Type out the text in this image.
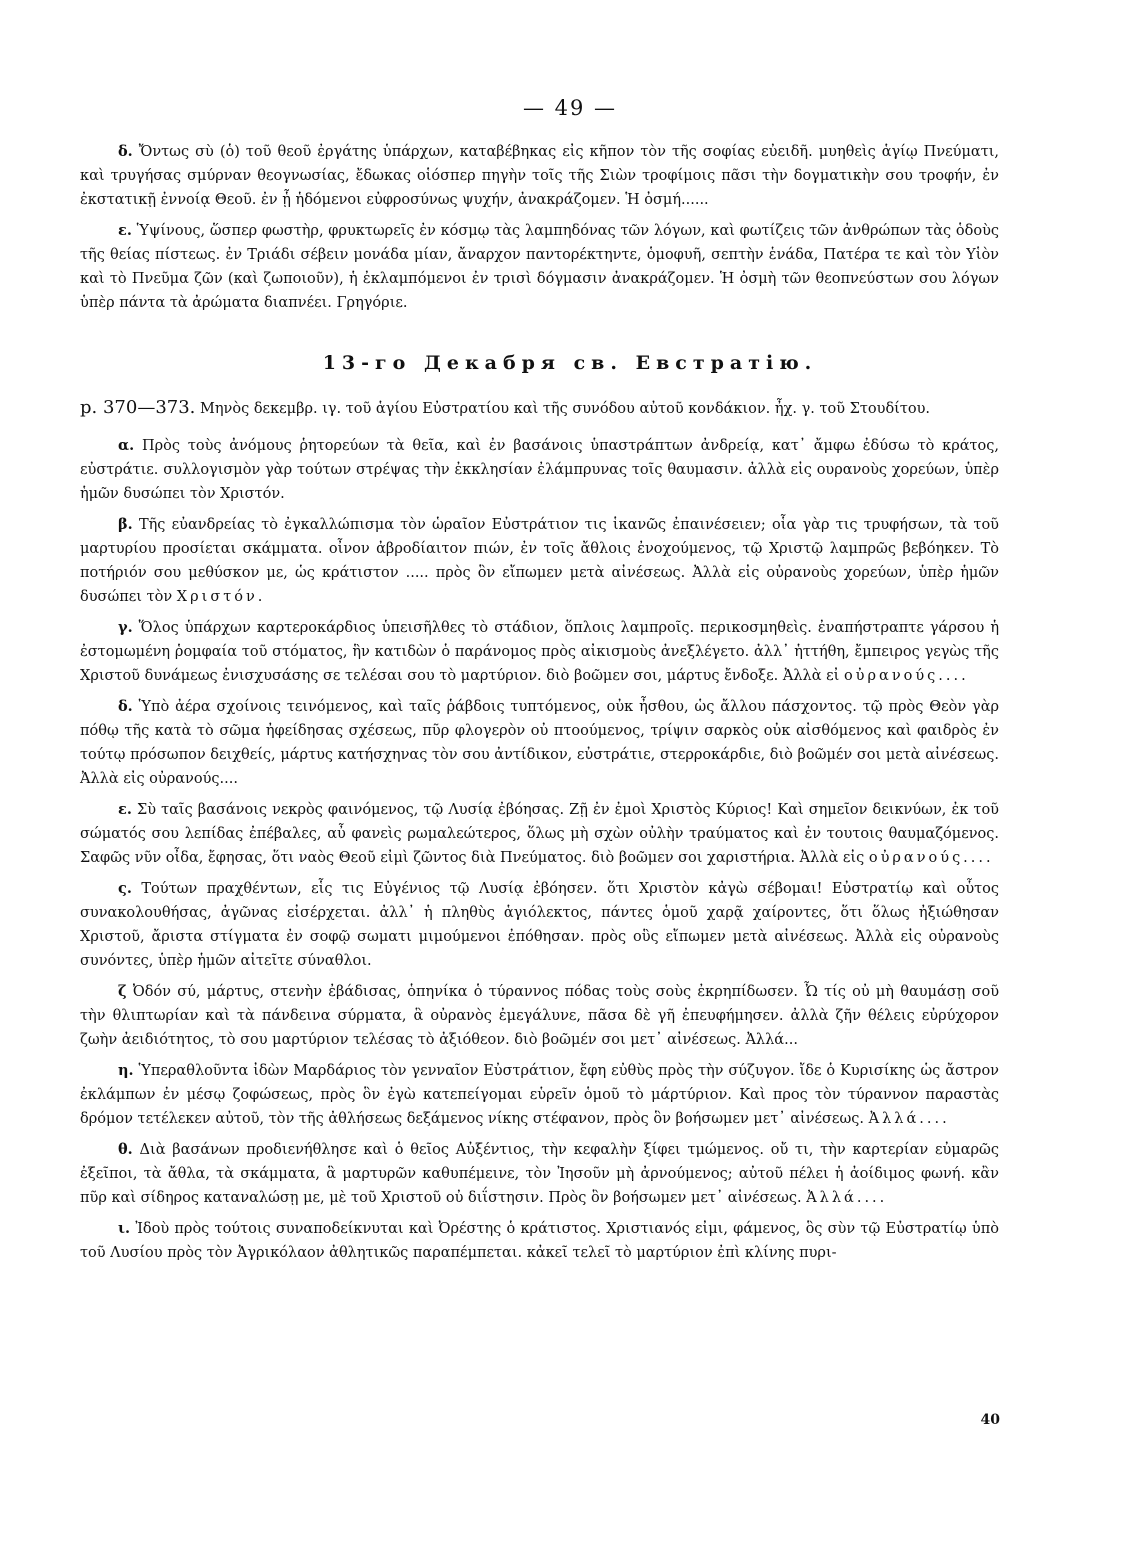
— 49 —

δ. Ὄντως σὺ (ὁ) τοῦ θεοῦ ἐργάτης ὑπάρχων, καταβέβηκας εἰς κῆπον τὸν τῆς σοφίας εὐειδῆ. μυηθεὶς ἁγίῳ Πνεύματι, καὶ τρυγήσας σμύρναν θεογνωσίας, ἔδωκας οἱόσπερ πηγὴν τοῖς τῆς Σιὼν τροφίμοις πᾶσι τὴν δογματικὴν σου τροφήν, ἐν ἐκστατικῇ ἐννοίᾳ Θεοῦ. ἐν ᾗ ἡδόμενοι εὐφροσύνως ψυχήν, ἀνακράζομεν. Ἡ ὀσμή......

ε. Ὑψίνους, ὥσπερ φωστὴρ, φρυκτωρεῖς ἐν κόσμῳ τὰς λαμπηδόνας τῶν λόγων, καὶ φωτίζεις τῶν ἀνθρώπων τὰς ὁδοὺς τῆς θείας πίστεως. ἐν Τριάδι σέβειν μονάδα μίαν, ἄναρχον παντορέκτηντε, ὁμοφυῆ, σεπτὴν ἑνάδα, Πατέρα τε καὶ τὸν Υἱὸν καὶ τὸ Πνεῦμα ζῶν (καὶ ζωποιοῦν), ἡ ἐκλαμπόμενοι ἐν τρισὶ δόγμασιν ἀνακράζομεν. Ἡ ὀσμὴ τῶν θεοπνεύστων σου λόγων ὑπὲρ πάντα τὰ ἀρώματα διαπνέει. Γρηγόριε.

13-го Декабря св. Евстратію.
р. 370—373. Μηνὸς δεκεμβρ. ιγ. τοῦ ἁγίου Εὐστρατίου καὶ τῆς συνόδου αὐτοῦ κονδάκιον. ἦχ. γ. τοῦ Στουδίτου.

α. Πρὸς τοὺς ἀνόμους ῥητορεύων τὰ θεῖα, καὶ ἐν βασάνοις ὑπαστράπτων ἀνδρείᾳ, κατ᾽ ἄμφω ἐδύσω τὸ κράτος, εὐστράτιε. συλλογισμὸν γὰρ τούτων στρέψας τὴν ἐκκλησίαν ἐλάμπρυνας τοῖς θαυμασιν. ἀλλὰ εἰς ουρανοὺς χορεύων, ὑπὲρ ἡμῶν δυσώπει τὸν Χριστόν.

β. Τῆς εὐανδρείας τὸ ἐγκαλλώπισμα τὸν ὡραῖον Εὐστράτιον τις ἱκανῶς ἐπαινέσειεν; οἷα γὰρ τις τρυφήσων, τὰ τοῦ μαρτυρίου προσίεται σκάμματα. οἶνον ἀβροδίαιτον πιών, ἐν τοῖς ἄθλοις ἐνοχούμενος, τῷ Χριστῷ λαμπρῶς βεβόηκεν. Τὸ ποτήριόν σου μεθύσκον με, ὡς κράτιστον ..... πρὸς ὃν εἴπωμεν μετὰ αἰνέσεως. Ἀλλὰ εἰς οὐρανοὺς χορεύων, ὑπὲρ ἡμῶν δυσώπει τὸν Χριστόν.

γ. Ὅλος ὑπάρχων καρτεροκάρδιος ὑπεισῆλθες τὸ στάδιον, ὅπλοις λαμπροῖς. περικοσμηθεὶς. ἐναπήστραπτε γάρσου ἡ ἐστομωμένη ῥομφαία τοῦ στόματος, ἣν κατιδὼν ὁ παράνομος πρὸς αἰκισμοὺς ἀνεξλέγετο. ἀλλ᾽ ἡττήθη, ἔμπειρος γεγὼς τῆς Χριστοῦ δυνάμεως ἐνισχυσάσης σε τελέσαι σου τὸ μαρτύριον. διὸ βοῶμεν σοι, μάρτυς ἔνδοξε. Ἀλλὰ εἰ οὐρανούς....

δ. Ὑπὸ ἀέρα σχοίνοις τεινόμενος, καὶ ταῖς ῥάβδοις τυπτόμενος, οὐκ ἦσθου, ὡς ἄλλου πάσχοντος. τῷ πρὸς Θεὸν γὰρ πόθῳ τῆς κατὰ τὸ σῶμα ἠφείδησας σχέσεως, πῦρ φλογερὸν οὐ πτοούμενος, τρίψιν σαρκὸς οὐκ αἰσθόμενος καὶ φαιδρὸς ἐν τούτῳ πρόσωπον δειχθείς, μάρτυς κατήσχηνας τὸν σου ἀντίδικον, εὐστράτιε, στερροκάρδιε, διὸ βοῶμέν σοι μετὰ αἰνέσεως. Ἀλλὰ εἰς οὐρανούς....

ε. Σὺ ταῖς βασάνοις νεκρὸς φαινόμενος, τῷ Λυσίᾳ ἐβόησας. Ζῇ ἐν ἐμοὶ Χριστὸς Κύριος! Καὶ σημεῖον δεικνύων, ἐκ τοῦ σώματός σου λεπίδας ἐπέβαλες, αὖ φανεὶς ρωμαλεώτερος, ὅλως μὴ σχὼν οὐλὴν τραύματος καὶ ἐν τουτοις θαυμαζόμενος. Σαφῶς νῦν οἶδα, ἔφησας, ὅτι ναὸς Θεοῦ εἰμὶ ζῶντος διὰ Πνεύματος. διὸ βοῶμεν σοι χαριστήρια. Ἀλλὰ εἰς οὐρανούς....

ς. Τούτων πραχθέντων, εἷς τις Εὐγένιος τῷ Λυσίᾳ ἐβόησεν. ὅτι Χριστὸν κἀγὼ σέβομαι! Εὐστρατίῳ καὶ οὗτος συνακολουθήσας, ἀγῶνας εἰσέρχεται. ἀλλ᾽ ἡ πληθὺς ἁγιόλεκτος, πάντες ὁμοῦ χαρᾷ χαίροντες, ὅτι ὅλως ἠξιώθησαν Χριστοῦ, ἄριστα στίγματα ἐν σοφῷ σωματι μιμούμενοι ἐπόθησαν. πρὸς οὓς εἴπωμεν μετὰ αἰνέσεως. Ἀλλὰ εἰς οὐρανοὺς συνόντες, ὑπὲρ ἡμῶν αἰτεῖτε σύναθλοι.

ζ Ὀδόν σύ, μάρτυς, στενὴν ἐβάδισας, ὁπηνίκα ὁ τύραννος πόδας τοὺς σοὺς ἐκρηπίδωσεν. Ὦ τίς οὐ μὴ θαυμάσῃ σοῦ τὴν θλιπτωρίαν καὶ τὰ πάνδεινα σύρματα, ἃ οὐρανὸς ἐμεγάλυνε, πᾶσα δὲ γῆ ἐπευφήμησεν. ἀλλὰ ζῆν θέλεις εὐρύχορον ζωὴν ἀειδιότητος, τὸ σου μαρτύριον τελέσας τὸ ἀξιόθεον. διὸ βοῶμέν σοι μετ᾽ αἰνέσεως. Ἀλλά...

η. Ὑπεραθλοῦντα ἰδὼν Μαρδάριος τὸν γενναῖον Εὐστράτιον, ἔφη εὐθὺς πρὸς τὴν σύζυγον. ἴδε ὁ Κυρισίκης ὡς ἄστρον ἐκλάμπων ἐν μέσῳ ζοφώσεως, πρὸς ὃν ἐγὼ κατεπείγομαι εὑρεῖν ὁμοῦ τὸ μάρτύριον. Καὶ προς τὸν τύραννον παραστὰς δρόμον τετέλεκεν αὐτοῦ, τὸν τῆς ἀθλήσεως δεξάμενος νίκης στέφανον, πρὸς ὃν βοήσωμεν μετ᾽ αἰνέσεως. Ἀλλά....

θ. Διὰ βασάνων προδιενήθλησε καὶ ὁ θεῖος Αὐξέντιος, τὴν κεφαλὴν ξίφει τμώμενος. οὔ τι, τὴν καρτερίαν εὐμαρῶς ἐξεῖποι, τὰ ἄθλα, τὰ σκάμματα, ἃ μαρτυρῶν καθυπέμεινε, τὸν Ἰησοῦν μὴ ἀρνούμενος; αὐτοῦ πέλει ἡ ἀοίδιμος φωνή. κἂν πῦρ καὶ σίδηρος καταναλώσῃ με, μὲ τοῦ Χριστοῦ οὐ διΐστησιν. Πρὸς ὃν βοήσωμεν μετ᾽ αἰνέσεως. Ἀλλά....

ι. Ἰδοὺ πρὸς τούτοις συναποδείκνυται καὶ Ὀρέστης ὁ κράτιστος. Χριστιανός εἰμι, φάμενος, ὃς σὺν τῷ Εὐστρατίῳ ὑπὸ τοῦ Λυσίου πρὸς τὸν Ἀγρικόλαον ἀθλητικῶς παραπέμπεται. κἀκεῖ τελεῖ τὸ μαρτύριον ἐπὶ κλίνης πυρι-

40
